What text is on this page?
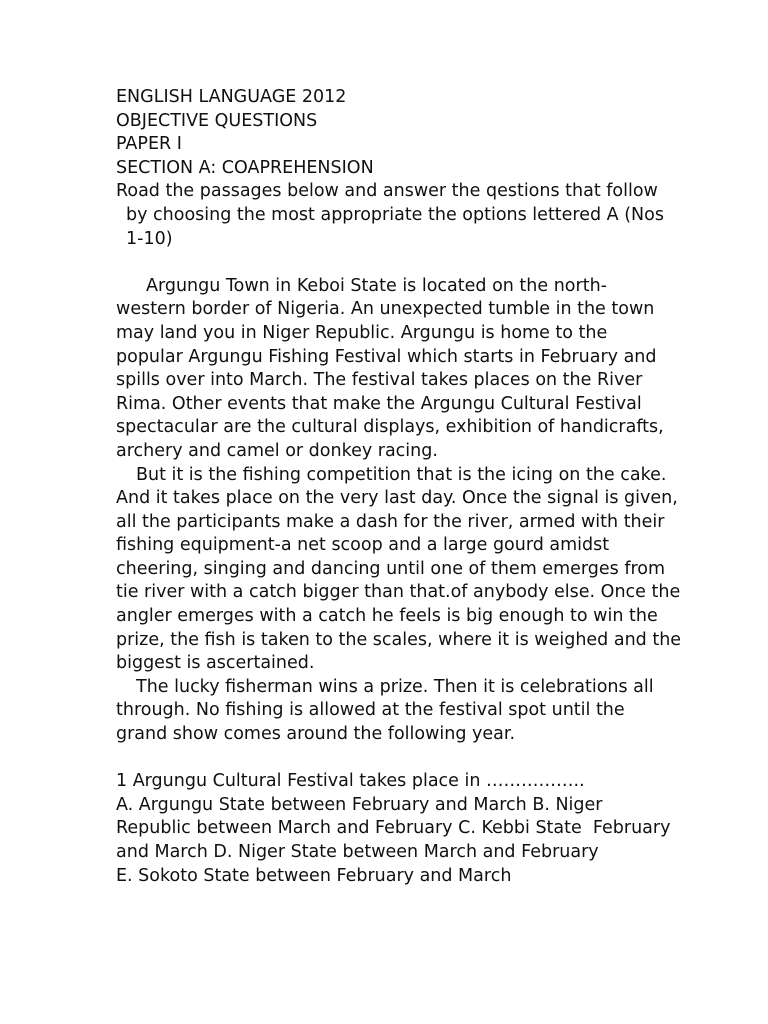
ENGLISH LANGUAGE 2012
OBJECTIVE QUESTIONS
PAPER I
SECTION A: COAPREHENSION
Road the passages below and answer the qestions that follow
by choosing the most appropriate the options lettered A (Nos
1-10)
Argungu Town in Keboi State is located on the north-
western border of Nigeria. An unexpected tumble in the town
may land you in Niger Republic. Argungu is home to the
popular Argungu Fishing Festival which starts in February and
spills over into March. The festival takes places on the River
Rima. Other events that make the Argungu Cultural Festival
spectacular are the cultural displays, exhibition of handicrafts,
archery and camel or donkey racing.
But it is the fishing competition that is the icing on the cake.
And it takes place on the very last day. Once the signal is given,
all the participants make a dash for the river, armed with their
fishing equipment-a net scoop and a large gourd amidst
cheering, singing and dancing until one of them emerges from
tie river with a catch bigger than that.of anybody else. Once the
angler emerges with a catch he feels is big enough to win the
prize, the fish is taken to the scales, where it is weighed and the
biggest is ascertained.
The lucky fisherman wins a prize. Then it is celebrations all
through. No fishing is allowed at the festival spot until the
grand show comes around the following year.
1 Argungu Cultural Festival takes place in ……………..
A. Argungu State between February and March B. Niger
Republic between March and February C. Kebbi State  February
and March D. Niger State between March and February
E. Sokoto State between February and March
